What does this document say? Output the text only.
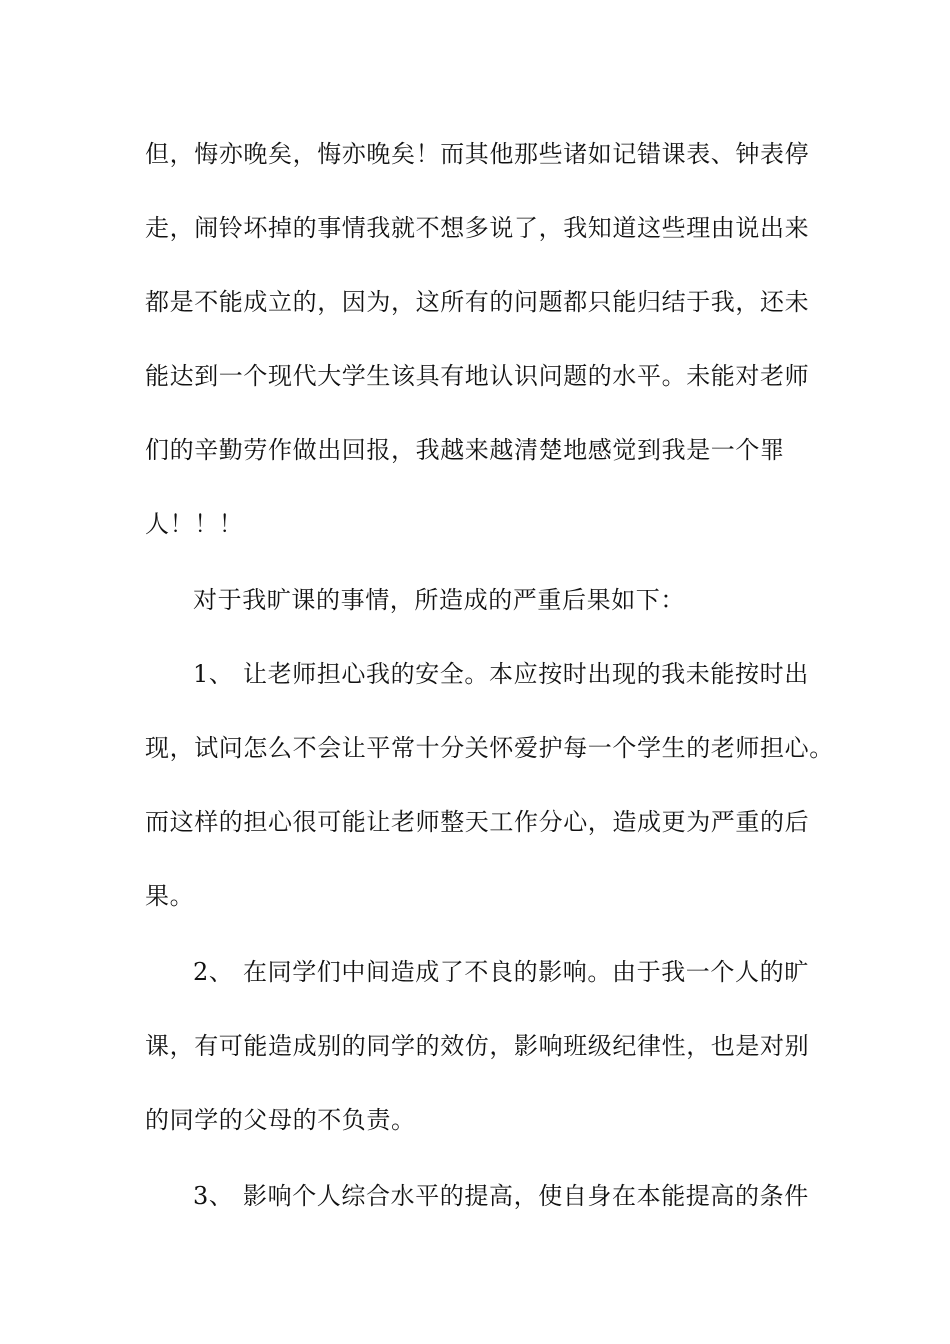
但，悔亦晚矣，悔亦晚矣！而其他那些诸如记错课表、钟表停
走，闹铃坏掉的事情我就不想多说了，我知道这些理由说出来
都是不能成立的，因为，这所有的问题都只能归结于我，还未
能达到一个现代大学生该具有地认识问题的水平。未能对老师
们的辛勤劳作做出回报，我越来越清楚地感觉到我是一个罪
人！！！
对于我旷课的事情，所造成的严重后果如下：
1、 让老师担心我的安全。本应按时出现的我未能按时出
现，试问怎么不会让平常十分关怀爱护每一个学生的老师担心。
而这样的担心很可能让老师整天工作分心，造成更为严重的后
果。
2、 在同学们中间造成了不良的影响。由于我一个人的旷
课，有可能造成别的同学的效仿，影响班级纪律性，也是对别
的同学的父母的不负责。
3、 影响个人综合水平的提高，使自身在本能提高的条件
